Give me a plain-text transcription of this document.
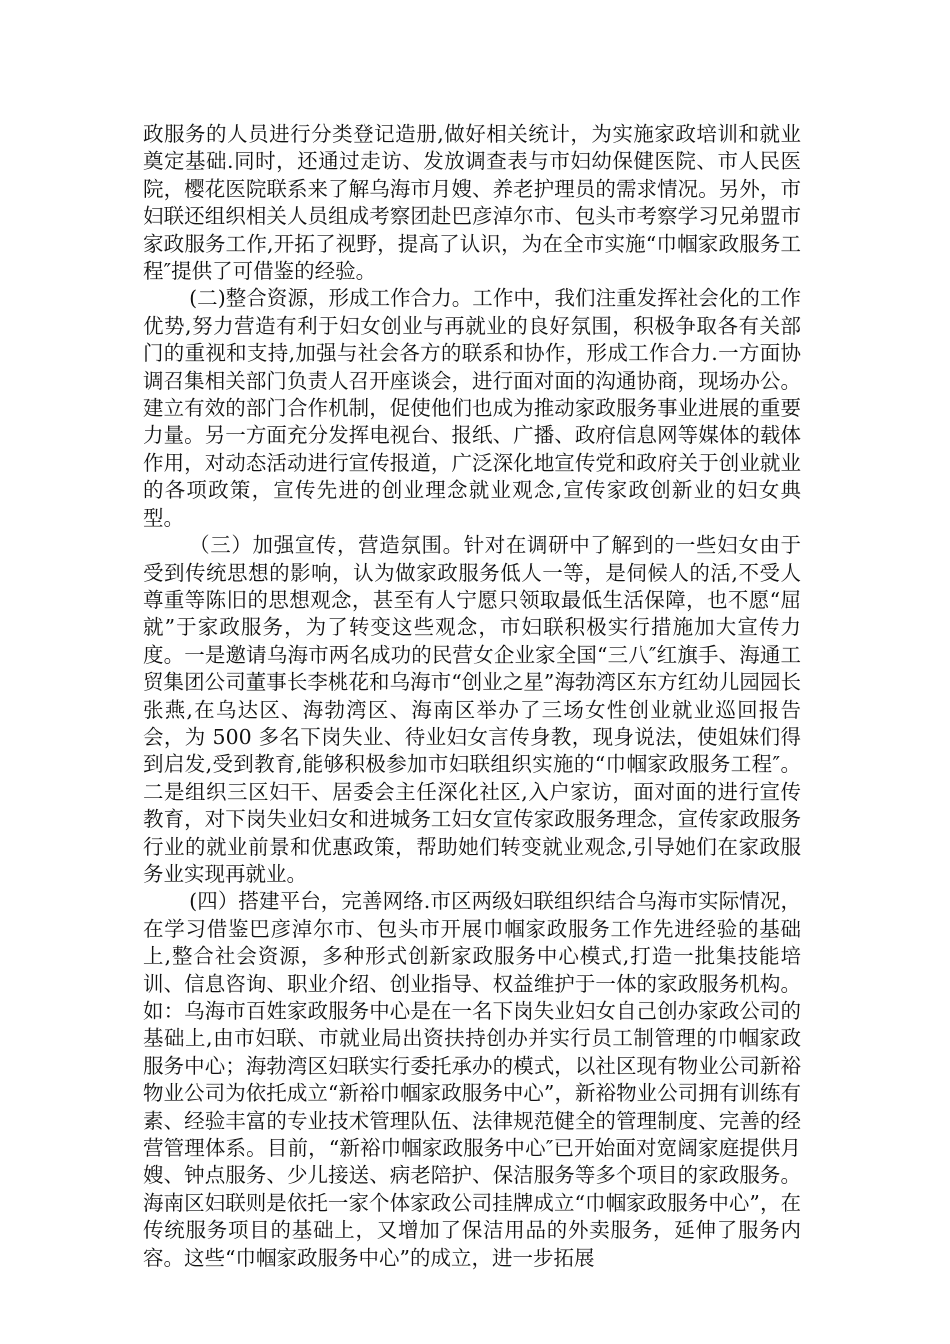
政服务的人员进行分类登记造册,做好相关统计，为实施家政培训和就业奠定基础.同时，还通过走访、发放调查表与市妇幼保健医院、市人民医院，樱花医院联系来了解乌海市月嫂、养老护理员的需求情况。另外，市妇联还组织相关人员组成考察团赴巴彦淖尔市、包头市考察学习兄弟盟市家政服务工作,开拓了视野，提高了认识，为在全市实施“巾帼家政服务工程″提供了可借鉴的经验。

(二)整合资源，形成工作合力。工作中，我们注重发挥社会化的工作优势,努力营造有利于妇女创业与再就业的良好氛围，积极争取各有关部门的重视和支持,加强与社会各方的联系和协作，形成工作合力.一方面协调召集相关部门负责人召开座谈会，进行面对面的沟通协商，现场办公。建立有效的部门合作机制，促使他们也成为推动家政服务事业进展的重要力量。另一方面充分发挥电视台、报纸、广播、政府信息网等媒体的载体作用，对动态活动进行宣传报道，广泛深化地宣传党和政府关于创业就业的各项政策，宣传先进的创业理念就业观念,宣传家政创新业的妇女典型。

（三）加强宣传，营造氛围。针对在调研中了解到的一些妇女由于受到传统思想的影响，认为做家政服务低人一等，是伺候人的活,不受人尊重等陈旧的思想观念，甚至有人宁愿只领取最低生活保障，也不愿“屈就”于家政服务，为了转变这些观念，市妇联积极实行措施加大宣传力度。一是邀请乌海市两名成功的民营女企业家全国“三八″红旗手、海通工贸集团公司董事长李桃花和乌海市“创业之星”海勃湾区东方红幼儿园园长张燕,在乌达区、海勃湾区、海南区举办了三场女性创业就业巡回报告会，为 500 多名下岗失业、待业妇女言传身教，现身说法，使姐妹们得到启发,受到教育,能够积极参加市妇联组织实施的“巾帼家政服务工程″。二是组织三区妇干、居委会主任深化社区,入户家访，面对面的进行宣传教育，对下岗失业妇女和进城务工妇女宣传家政服务理念，宣传家政服务行业的就业前景和优惠政策，帮助她们转变就业观念,引导她们在家政服务业实现再就业。

(四）搭建平台，完善网络.市区两级妇联组织结合乌海市实际情况，在学习借鉴巴彦淖尔市、包头市开展巾帼家政服务工作先进经验的基础上,整合社会资源，多种形式创新家政服务中心模式,打造一批集技能培训、信息咨询、职业介绍、创业指导、权益维护于一体的家政服务机构。如：乌海市百姓家政服务中心是在一名下岗失业妇女自己创办家政公司的基础上,由市妇联、市就业局出资扶持创办并实行员工制管理的巾帼家政服务中心；海勃湾区妇联实行委托承办的模式，以社区现有物业公司新裕物业公司为依托成立“新裕巾帼家政服务中心”，新裕物业公司拥有训练有素、经验丰富的专业技术管理队伍、法律规范健全的管理制度、完善的经营管理体系。目前，“新裕巾帼家政服务中心″已开始面对宽阔家庭提供月嫂、钟点服务、少儿接送、病老陪护、保洁服务等多个项目的家政服务。海南区妇联则是依托一家个体家政公司挂牌成立“巾帼家政服务中心”，在传统服务项目的基础上，又增加了保洁用品的外卖服务，延伸了服务内容。这些“巾帼家政服务中心”的成立，进一步拓展
